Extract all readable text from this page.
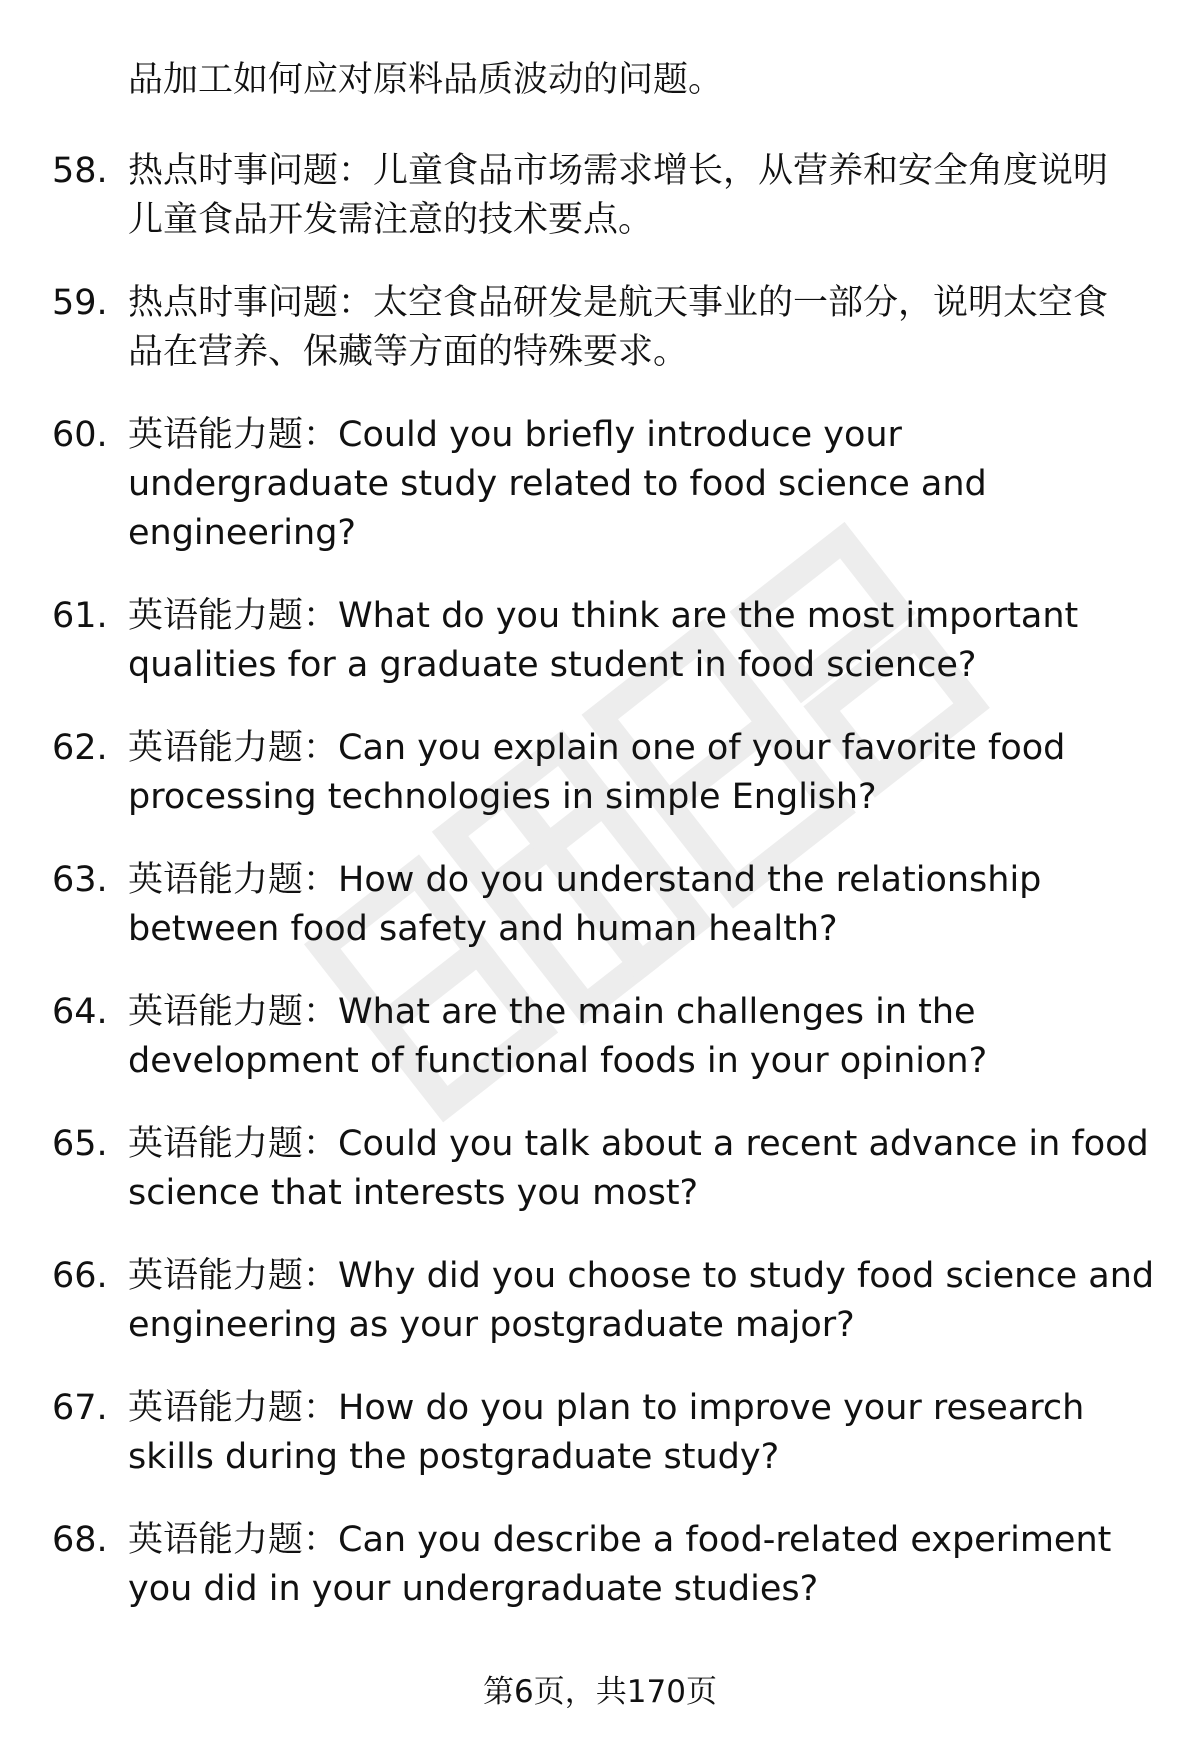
品加工如何应对原料品质波动的问题。
58. 热点时事问题：儿童食品市场需求增长，从营养和安全角度说明
儿童食品开发需注意的技术要点。
59. 热点时事问题：太空食品研发是航天事业的一部分，说明太空食
品在营养、保藏等方面的特殊要求。
60. 英语能力题：Could you briefly introduce your
undergraduate study related to food science and
engineering?
61. 英语能力题：What do you think are the most important
qualities for a graduate student in food science?
62. 英语能力题：Can you explain one of your favorite food
processing technologies in simple English?
63. 英语能力题：How do you understand the relationship
between food safety and human health?
64. 英语能力题：What are the main challenges in the
development of functional foods in your opinion?
65. 英语能力题：Could you talk about a recent advance in food
science that interests you most?
66. 英语能力题：Why did you choose to study food science and
engineering as your postgraduate major?
67. 英语能力题：How do you plan to improve your research
skills during the postgraduate study?
68. 英语能力题：Can you describe a food-related experiment
you did in your undergraduate studies?
第6页，共170页
